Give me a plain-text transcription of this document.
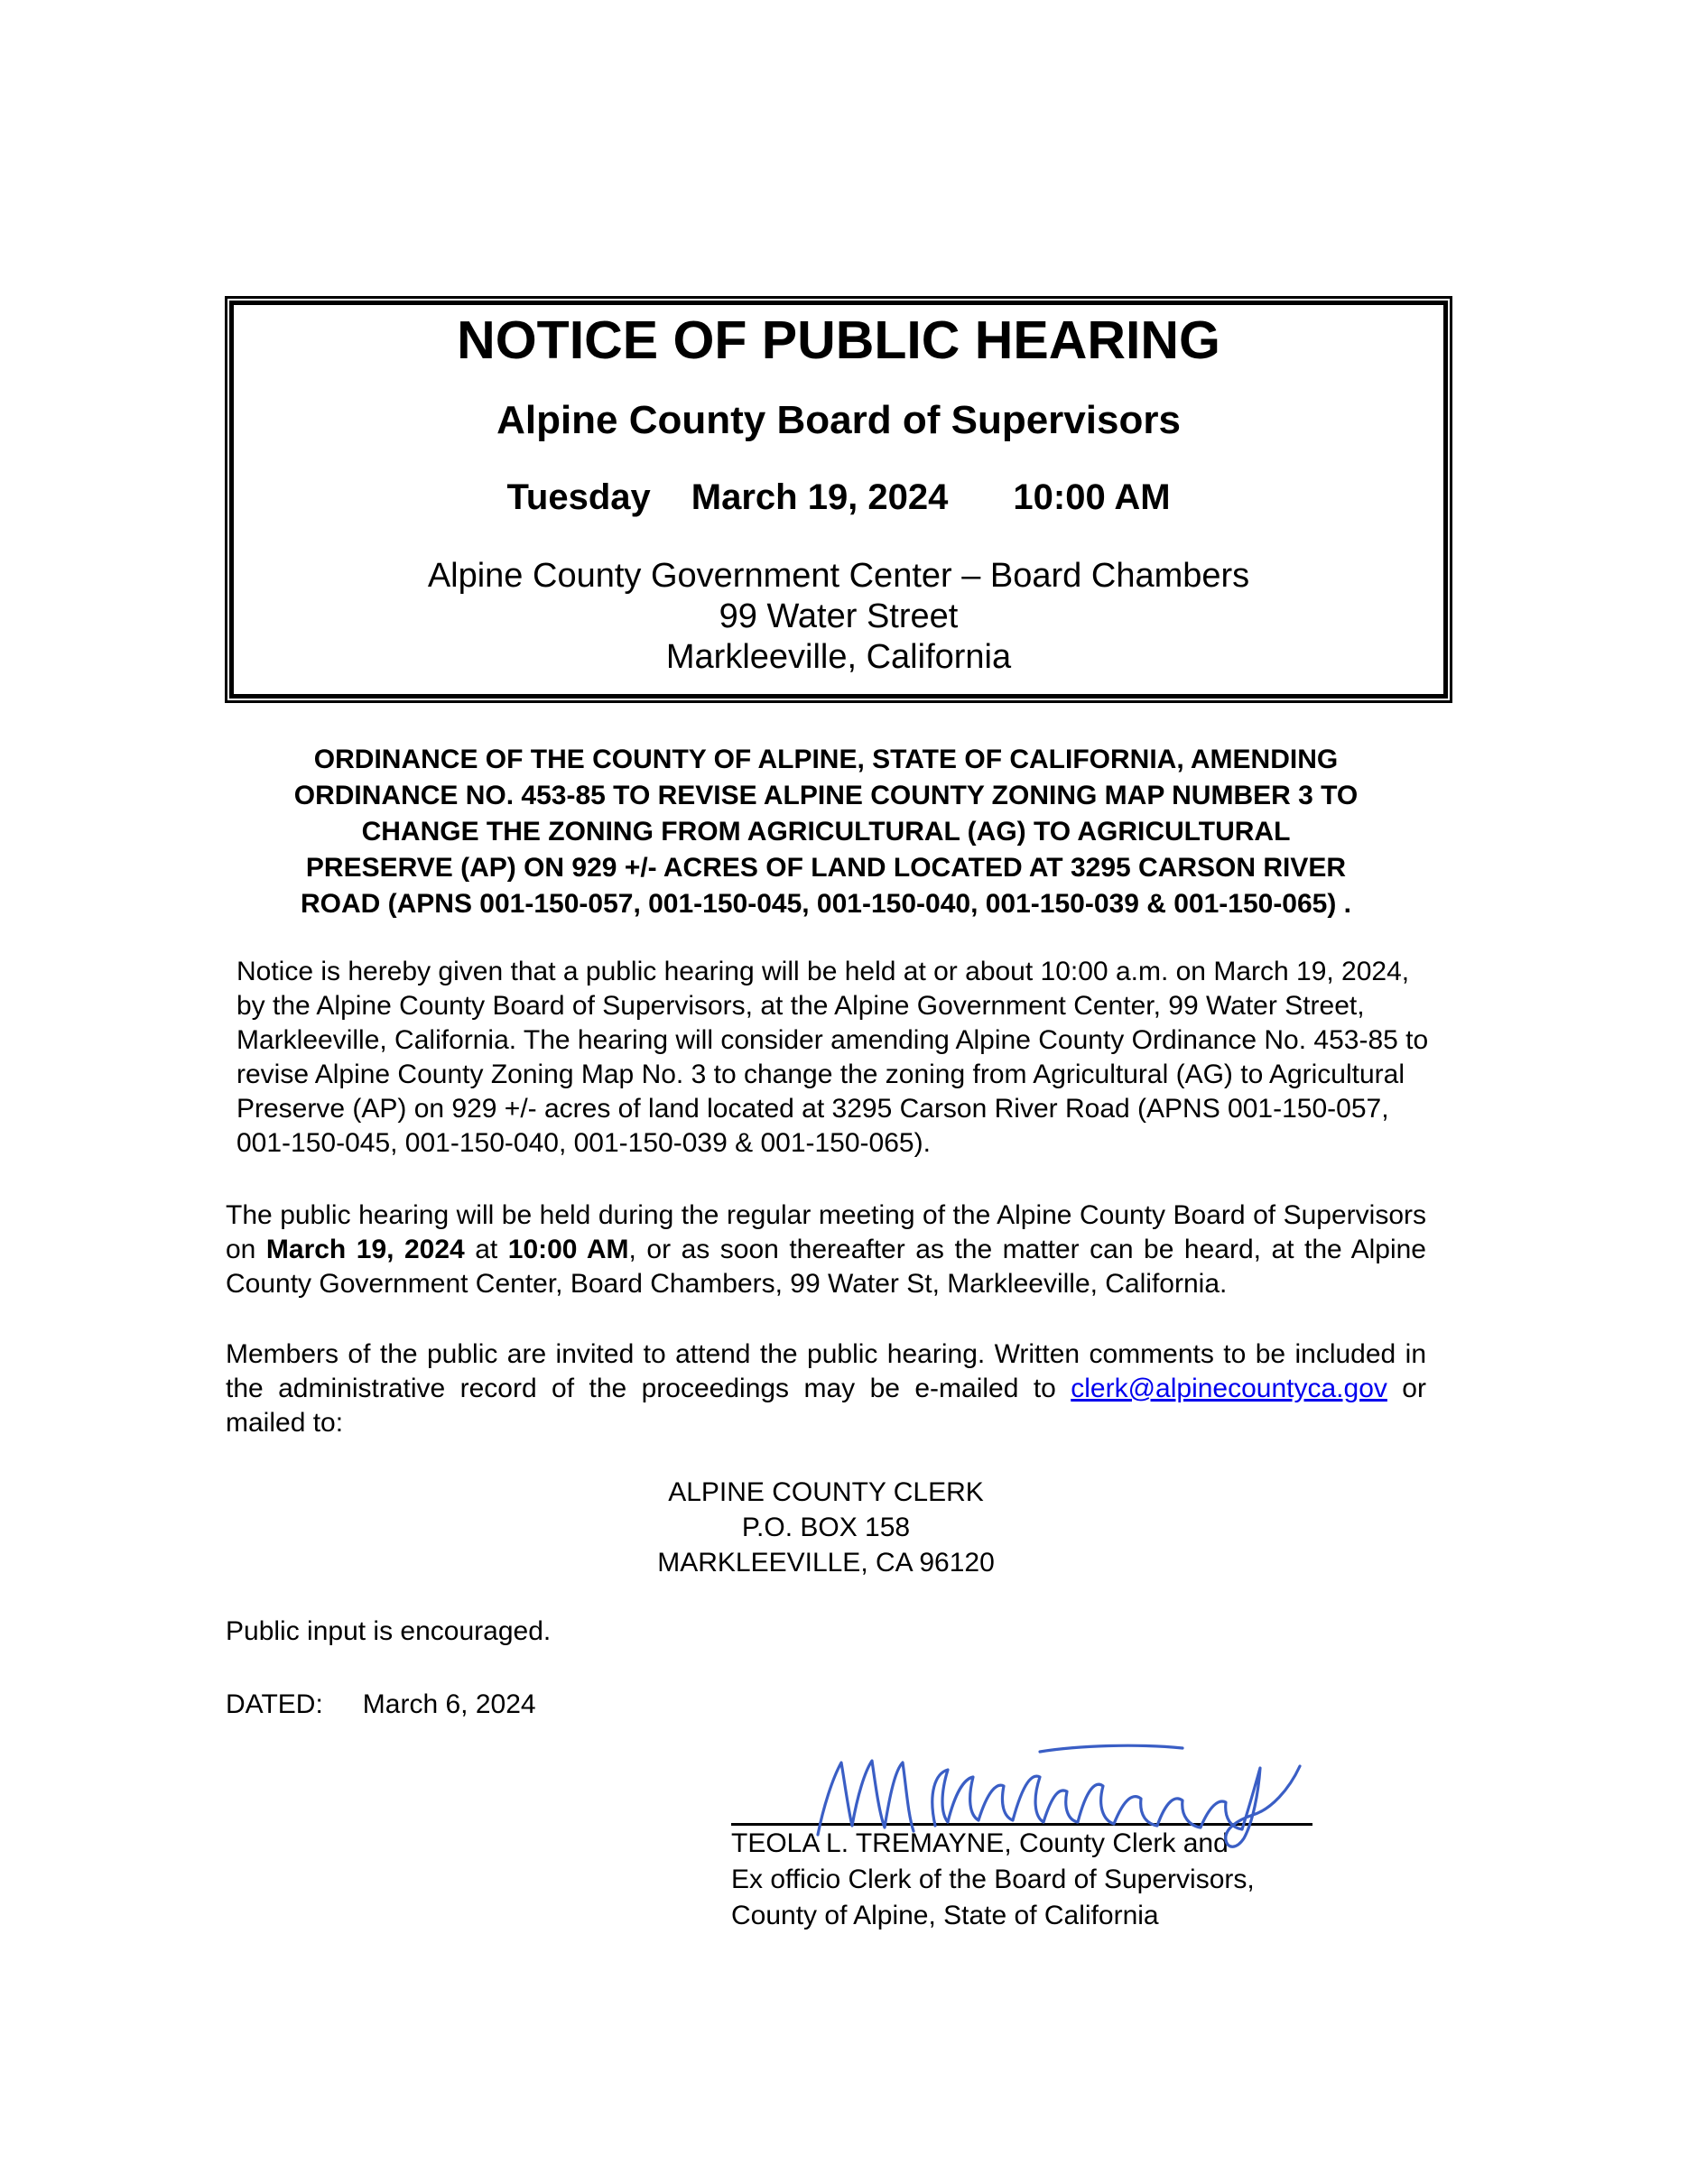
NOTICE OF PUBLIC HEARING
Alpine County Board of Supervisors
Tuesday March 19, 2024 10:00 AM
Alpine County Government Center – Board Chambers
99 Water Street
Markleeville, California
ORDINANCE OF THE COUNTY OF ALPINE, STATE OF CALIFORNIA, AMENDING
ORDINANCE NO. 453-85 TO REVISE ALPINE COUNTY ZONING MAP NUMBER 3 TO
CHANGE THE ZONING FROM AGRICULTURAL (AG) TO AGRICULTURAL
PRESERVE (AP) ON 929 +/- ACRES OF LAND LOCATED AT 3295 CARSON RIVER
ROAD (APNS 001-150-057, 001-150-045, 001-150-040, 001-150-039 & 001-150-065) .
Notice is hereby given that a public hearing will be held at or about 10:00 a.m. on March 19, 2024, by the Alpine County Board of Supervisors, at the Alpine Government Center, 99 Water Street, Markleeville, California. The hearing will consider amending Alpine County Ordinance No. 453-85 to revise Alpine County Zoning Map No. 3 to change the zoning from Agricultural (AG) to Agricultural Preserve (AP) on 929 +/- acres of land located at 3295 Carson River Road (APNS 001-150-057, 001-150-045, 001-150-040, 001-150-039 & 001-150-065).
The public hearing will be held during the regular meeting of the Alpine County Board of Supervisors on March 19, 2024 at 10:00 AM, or as soon thereafter as the matter can be heard, at the Alpine County Government Center, Board Chambers, 99 Water St, Markleeville, California.
Members of the public are invited to attend the public hearing. Written comments to be included in the administrative record of the proceedings may be e-mailed to clerk@alpinecountyca.gov or mailed to:
ALPINE COUNTY CLERK
P.O. BOX 158
MARKLEEVILLE, CA 96120
Public input is encouraged.
DATED: March 6, 2024
TEOLA L. TREMAYNE, County Clerk and
Ex officio Clerk of the Board of Supervisors,
County of Alpine, State of California
